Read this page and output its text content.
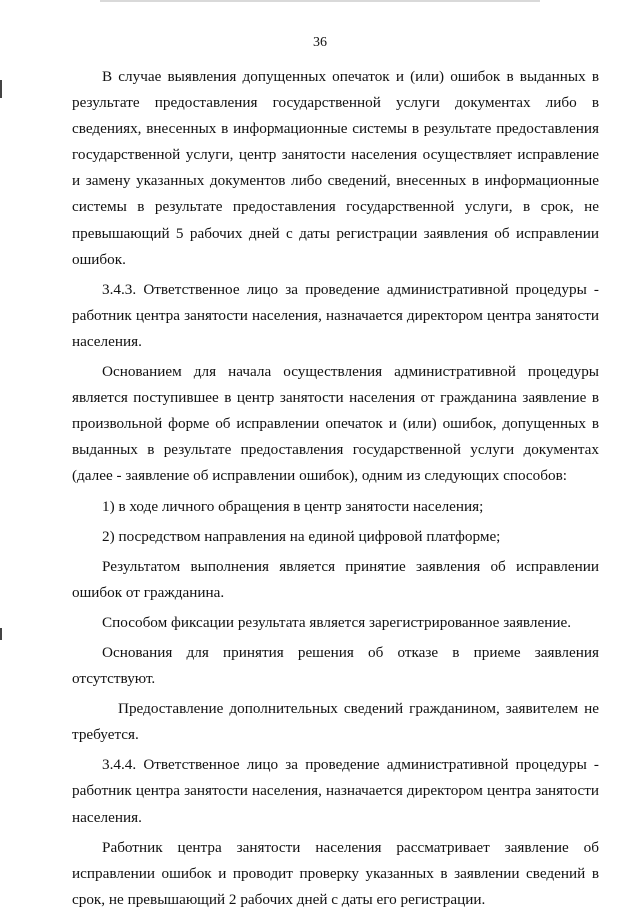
36

В случае выявления допущенных опечаток и (или) ошибок в выданных в результате предоставления государственной услуги документах либо в сведениях, внесенных в информационные системы в результате предоставления государственной услуги, центр занятости населения осуществляет исправление и замену указанных документов либо сведений, внесенных в информационные системы в результате предоставления государственной услуги, в срок, не превышающий 5 рабочих дней с даты регистрации заявления об исправлении ошибок.

3.4.3. Ответственное лицо за проведение административной процедуры - работник центра занятости населения, назначается директором центра занятости населения.

Основанием для начала осуществления административной процедуры является поступившее в центр занятости населения от гражданина заявление в произвольной форме об исправлении опечаток и (или) ошибок, допущенных в выданных в результате предоставления государственной услуги документах (далее - заявление об исправлении ошибок), одним из следующих способов:

1) в ходе личного обращения в центр занятости населения;

2) посредством направления на единой цифровой платформе;

Результатом выполнения является принятие заявления об исправлении ошибок от гражданина.

Способом фиксации результата является зарегистрированное заявление.

Основания для принятия решения об отказе в приеме заявления отсутствуют.

Предоставление дополнительных сведений гражданином, заявителем не требуется.

3.4.4. Ответственное лицо за проведение административной процедуры - работник центра занятости населения, назначается директором центра занятости населения.

Работник центра занятости населения рассматривает заявление об исправлении ошибок и проводит проверку указанных в заявлении сведений в срок, не превышающий 2 рабочих дней с даты его регистрации.
